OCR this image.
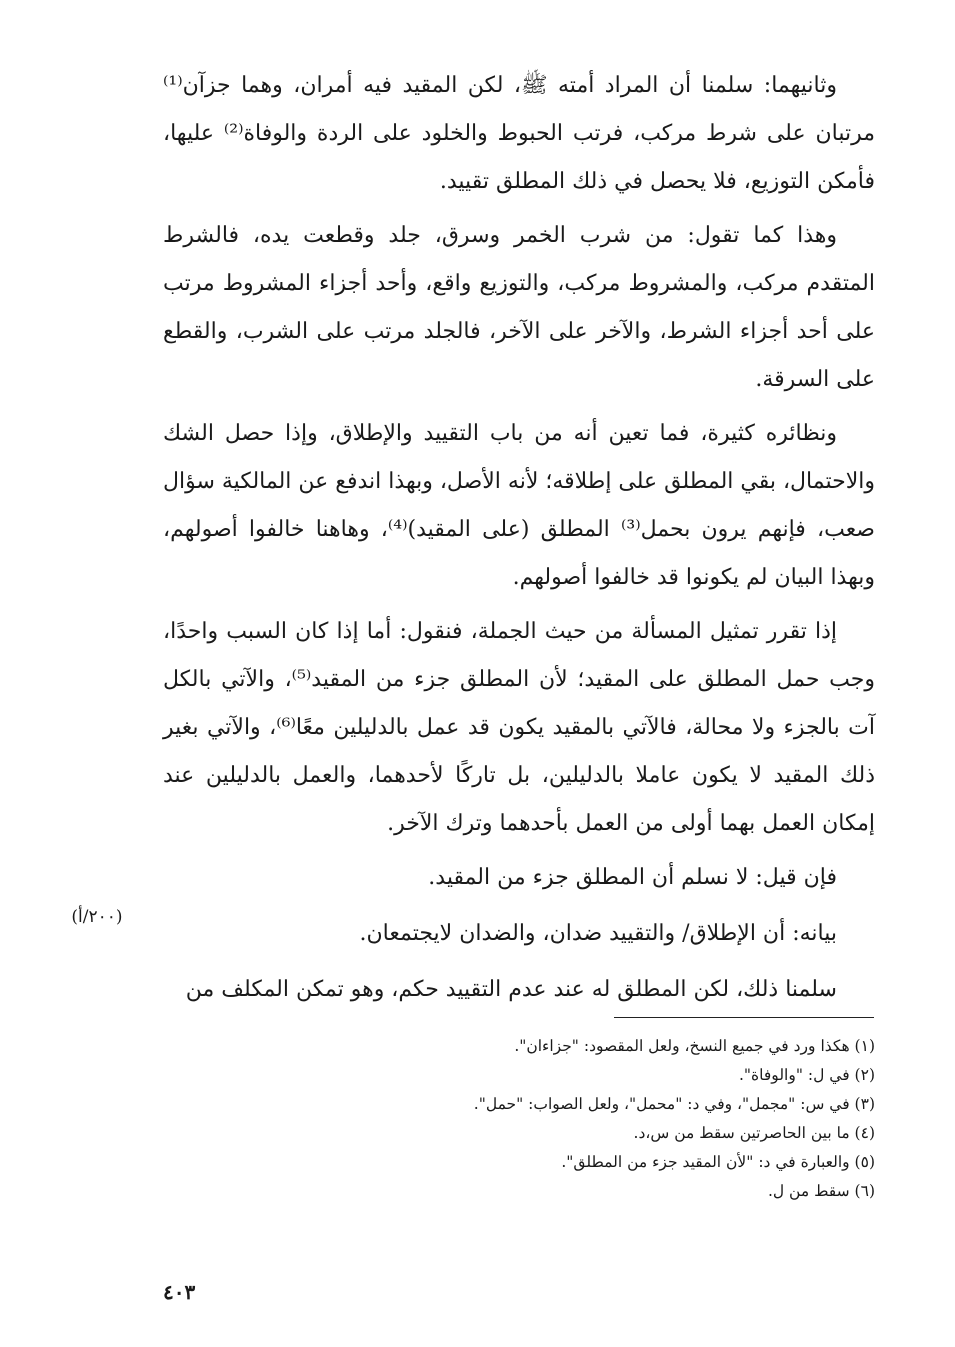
وثانيهما: سلمنا أن المراد أمته ﷺ، لكن المقيد فيه أمران، وهما جزآن⁽¹⁾ مرتبان على شرط مركب، فرتب الحبوط والخلود على الردة والوفاة⁽²⁾ عليها، فأمكن التوزيع، فلا يحصل في ذلك المطلق تقييد.

وهذا كما تقول: من شرب الخمر وسرق، جلد وقطعت يده، فالشرط المتقدم مركب، والمشروط مركب، والتوزيع واقع، وأحد أجزاء المشروط مرتب على أحد أجزاء الشرط، والآخر على الآخر، فالجلد مرتب على الشرب، والقطع على السرقة.

ونظائره كثيرة، فما تعين أنه من باب التقييد والإطلاق، وإذا حصل الشك والاحتمال، بقي المطلق على إطلاقه؛ لأنه الأصل، وبهذا اندفع عن المالكية سؤال صعب، فإنهم يرون بحمل⁽³⁾ المطلق (على المقيد)⁽⁴⁾، وهاهنا خالفوا أصولهم، وبهذا البيان لم يكونوا قد خالفوا أصولهم.

إذا تقرر تمثيل المسألة من حيث الجملة، فنقول: أما إذا كان السبب واحدًا، وجب حمل المطلق على المقيد؛ لأن المطلق جزء من المقيد⁽⁵⁾، والآتي بالكل آت بالجزء ولا محالة، فالآتي بالمقيد يكون قد عمل بالدليلين معًا⁽⁶⁾، والآتي بغير ذلك المقيد لا يكون عاملا بالدليلين، بل تاركًا لأحدهما، والعمل بالدليلين عند إمكان العمل بهما أولى من العمل بأحدهما وترك الآخر.

فإن قيل: لا نسلم أن المطلق جزء من المقيد.

بيانه: أن الإطلاق/ والتقييد ضدان، والضدان لايجتمعان.

سلمنا ذلك، لكن المطلق له عند عدم التقييد حكم، وهو تمكن المكلف من

(٢٠٠/أ)

(١) هكذا ورد في جميع النسخ، ولعل المقصود: "جزاءان".

(٢) في ل: "والوفاة".

(٣) في س: "مجمل"، وفي د: "محمل"، ولعل الصواب: "حمل".

(٤) ما بين الحاصرتين سقط من س،د.

(٥) والعبارة في د: "لأن المقيد جزء من المطلق".

(٦) سقط من ل.

٤٠٣
